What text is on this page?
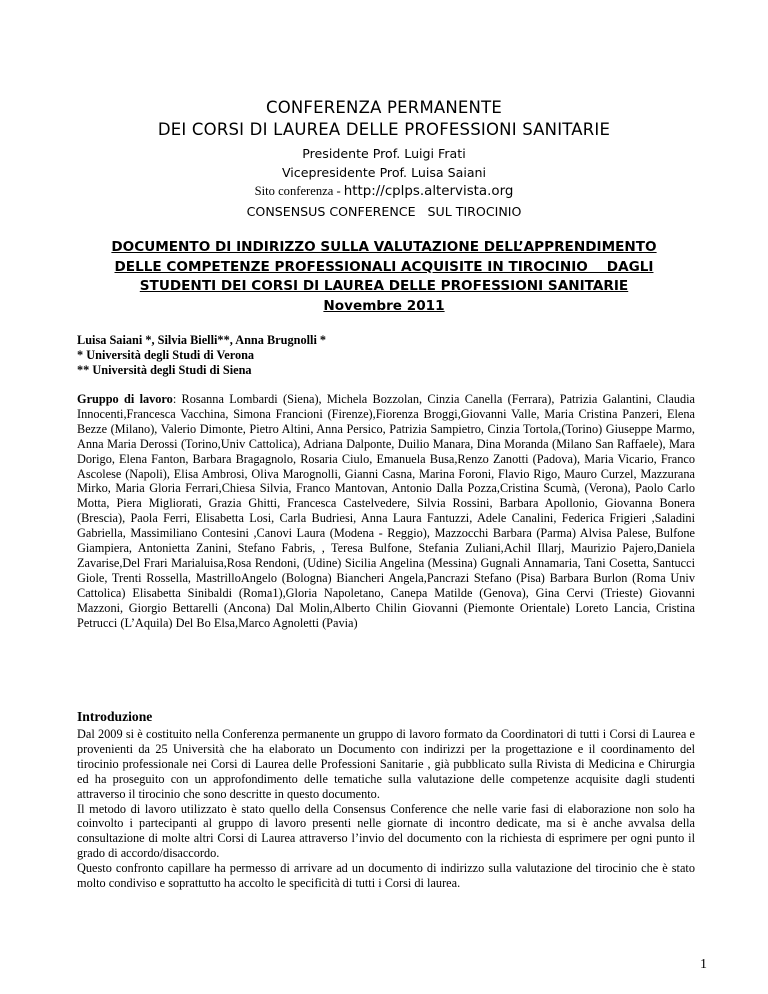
CONFERENZA PERMANENTE
DEI CORSI DI LAUREA DELLE PROFESSIONI SANITARIE
Presidente Prof. Luigi Frati
Vicepresidente Prof. Luisa Saiani
Sito conferenza - http://cplps.altervista.org
CONSENSUS CONFERENCE   SUL TIROCINIO
DOCUMENTO DI INDIRIZZO SULLA VALUTAZIONE DELL’APPRENDIMENTO
DELLE COMPETENZE PROFESSIONALI ACQUISITE IN TIROCINIO    DAGLI
STUDENTI DEI CORSI DI LAUREA DELLE PROFESSIONI SANITARIE
Novembre 2011
Luisa Saiani *, Silvia Bielli**, Anna Brugnolli *
* Università degli Studi di Verona
** Università degli Studi di Siena
Gruppo di lavoro: Rosanna Lombardi (Siena), Michela Bozzolan, Cinzia Canella (Ferrara), Patrizia Galantini, Claudia Innocenti,Francesca Vacchina, Simona Francioni (Firenze),Fiorenza Broggi,Giovanni Valle, Maria Cristina Panzeri, Elena Bezze (Milano), Valerio Dimonte, Pietro Altini, Anna Persico, Patrizia Sampietro, Cinzia Tortola,(Torino) Giuseppe Marmo, Anna Maria Derossi (Torino,Univ Cattolica), Adriana Dalponte, Duilio Manara, Dina Moranda (Milano San Raffaele), Mara Dorigo, Elena Fanton, Barbara Bragagnolo, Rosaria Ciulo, Emanuela Busa,Renzo Zanotti (Padova), Maria Vicario, Franco Ascolese (Napoli), Elisa Ambrosi, Oliva Marognolli, Gianni Casna, Marina Foroni, Flavio Rigo, Mauro Curzel, Mazzurana Mirko, Maria Gloria Ferrari,Chiesa Silvia, Franco Mantovan, Antonio Dalla Pozza,Cristina Scumà, (Verona), Paolo Carlo Motta, Piera Migliorati, Grazia Ghitti, Francesca Castelvedere, Silvia Rossini, Barbara Apollonio, Giovanna Bonera (Brescia), Paola Ferri, Elisabetta Losi, Carla Budriesi, Anna Laura Fantuzzi, Adele Canalini, Federica Frigieri ,Saladini Gabriella, Massimiliano Contesini ,Canovi Laura (Modena - Reggio), Mazzocchi Barbara (Parma) Alvisa Palese, Bulfone Giampiera, Antonietta Zanini, Stefano Fabris, , Teresa Bulfone, Stefania Zuliani,Achil Illarj, Maurizio Pajero,Daniela Zavarise,Del Frari Marialuisa,Rosa Rendoni, (Udine) Sicilia Angelina (Messina) Gugnali Annamaria, Tani Cosetta, Santucci Giole, Trenti Rossella, MastrilloAngelo (Bologna) Biancheri Angela,Pancrazi Stefano (Pisa) Barbara Burlon (Roma Univ Cattolica) Elisabetta Sinibaldi (Roma1),Gloria Napoletano, Canepa Matilde (Genova), Gina Cervi (Trieste) Giovanni Mazzoni, Giorgio Bettarelli (Ancona) Dal Molin,Alberto Chilin Giovanni (Piemonte Orientale) Loreto Lancia, Cristina Petrucci (L’Aquila) Del Bo Elsa,Marco Agnoletti (Pavia)
Introduzione
Dal 2009 si è costituito nella Conferenza permanente un gruppo di lavoro formato da Coordinatori di tutti i Corsi di Laurea e provenienti da 25 Università che ha elaborato un Documento con indirizzi per la progettazione e il coordinamento del tirocinio professionale nei Corsi di Laurea delle Professioni Sanitarie , già pubblicato sulla Rivista di Medicina e Chirurgia ed ha proseguito con un approfondimento delle tematiche sulla valutazione delle competenze acquisite dagli studenti attraverso il tirocinio che sono descritte in questo documento.
Il metodo di lavoro utilizzato è stato quello della Consensus Conference che nelle varie fasi di elaborazione non solo ha coinvolto i partecipanti al gruppo di lavoro presenti nelle giornate di incontro dedicate, ma si è anche avvalsa della consultazione di molte altri Corsi di Laurea attraverso l’invio del documento con la richiesta di esprimere per ogni punto il grado di accordo/disaccordo.
Questo confronto capillare ha permesso di arrivare ad un documento di indirizzo sulla valutazione del tirocinio che è stato molto condiviso e soprattutto ha accolto le specificità di tutti i Corsi di laurea.
1
